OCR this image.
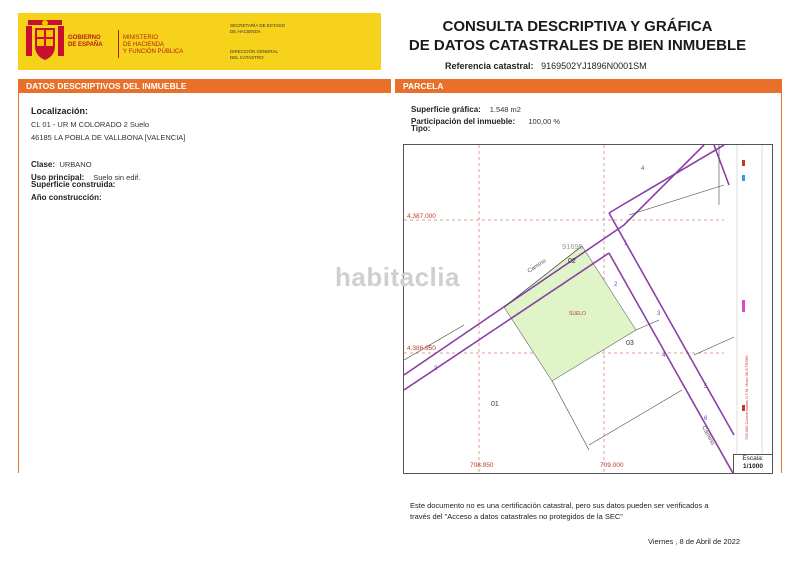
GOBIERNO
DE ESPAÑA
MINISTERIO
DE HACIENDA
Y FUNCIÓN PÚBLICA
SECRETARÍA DE ESTADO
DE HACIENDA
DIRECCIÓN GENERAL
DEL CATASTRO
CONSULTA DESCRIPTIVA Y GRÁFICA
DE DATOS CATASTRALES DE BIEN INMUEBLE
Referencia catastral: 9169502YJ1896N0001SM
DATOS DESCRIPTIVOS DEL INMUEBLE	PARCELA
Localización:
CL 01 - UR M COLORADO 2 Suelo
46185 LA POBLA DE VALLBONA [VALENCIA]
Clase: URBANO
Uso principal: Suelo sin edif.
Superficie construida:
Año construcción:
Superficie gráfica: 1.548 m2
Participación del inmueble: 100,00 %
Tipo:
Camino
Camino
1
2
3
4
5
6
4
3
91695
02
03
01
SUELO
4.387.000
4.386.950
708.950	709.000
709.000 Coordenadas U.T.M. Huso 30 ETRS89
Escala:
1/1000
habitaclia
Este documento no es una certificación catastral, pero sus datos pueden ser verificados a
través del "Acceso a datos catastrales no protegidos de la SEC"
Viernes , 8 de Abril de 2022
